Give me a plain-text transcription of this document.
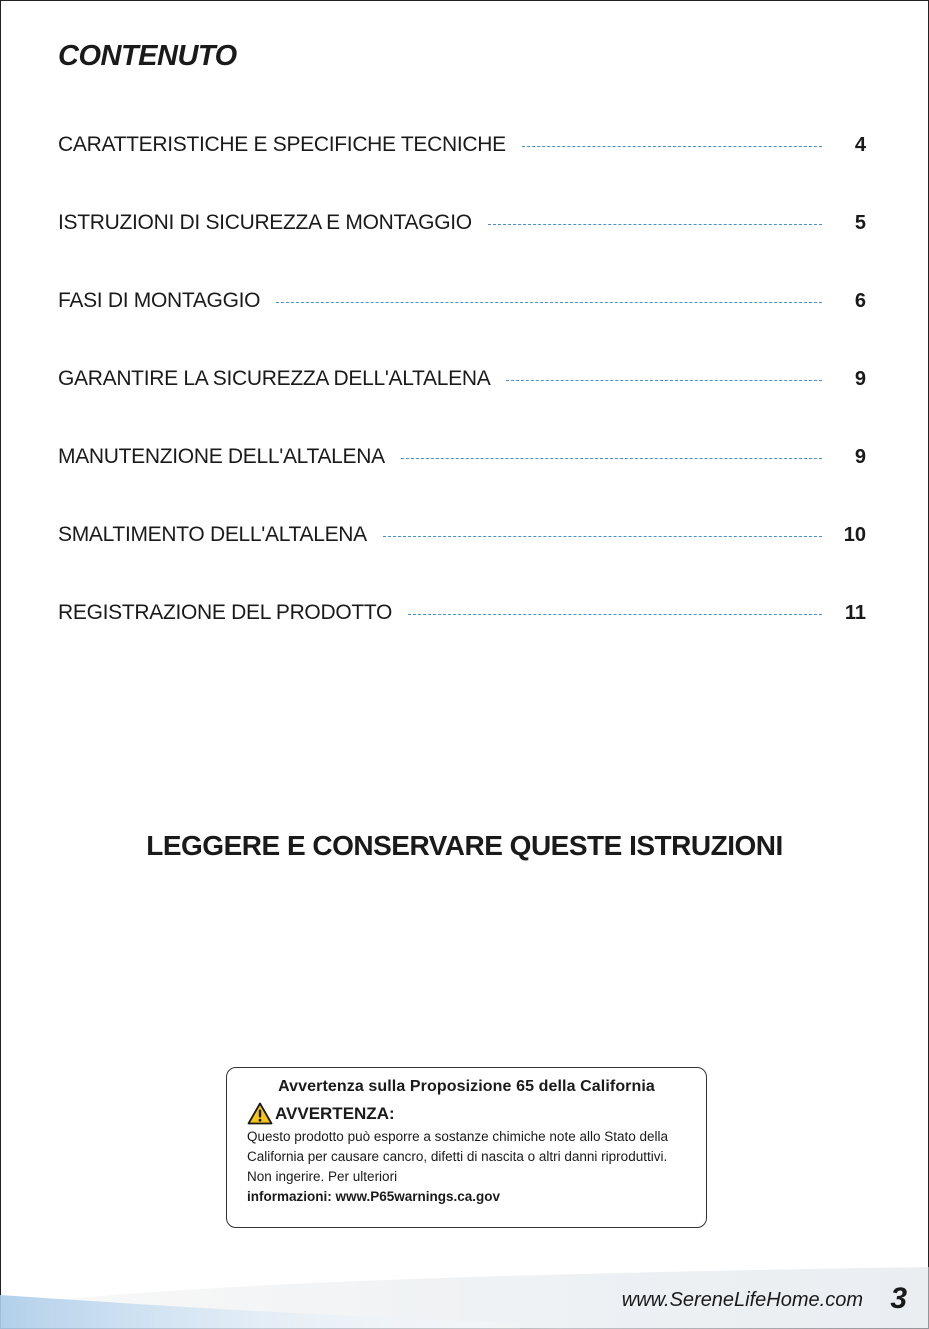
CONTENUTO
CARATTERISTICHE E SPECIFICHE TECNICHE	4
ISTRUZIONI DI SICUREZZA E MONTAGGIO	5
FASI DI MONTAGGIO	6
GARANTIRE LA SICUREZZA DELL'ALTALENA	9
MANUTENZIONE DELL'ALTALENA	9
SMALTIMENTO DELL'ALTALENA	10
REGISTRAZIONE DEL PRODOTTO	11
LEGGERE E CONSERVARE QUESTE ISTRUZIONI
Avvertenza sulla Proposizione 65 della California
AVVERTENZA:
Questo prodotto può esporre a sostanze chimiche note allo Stato della California per causare cancro, difetti di nascita o altri danni riproduttivi. Non ingerire. Per ulteriori
informazioni: www.P65warnings.ca.gov
www.SereneLifeHome.com 3
